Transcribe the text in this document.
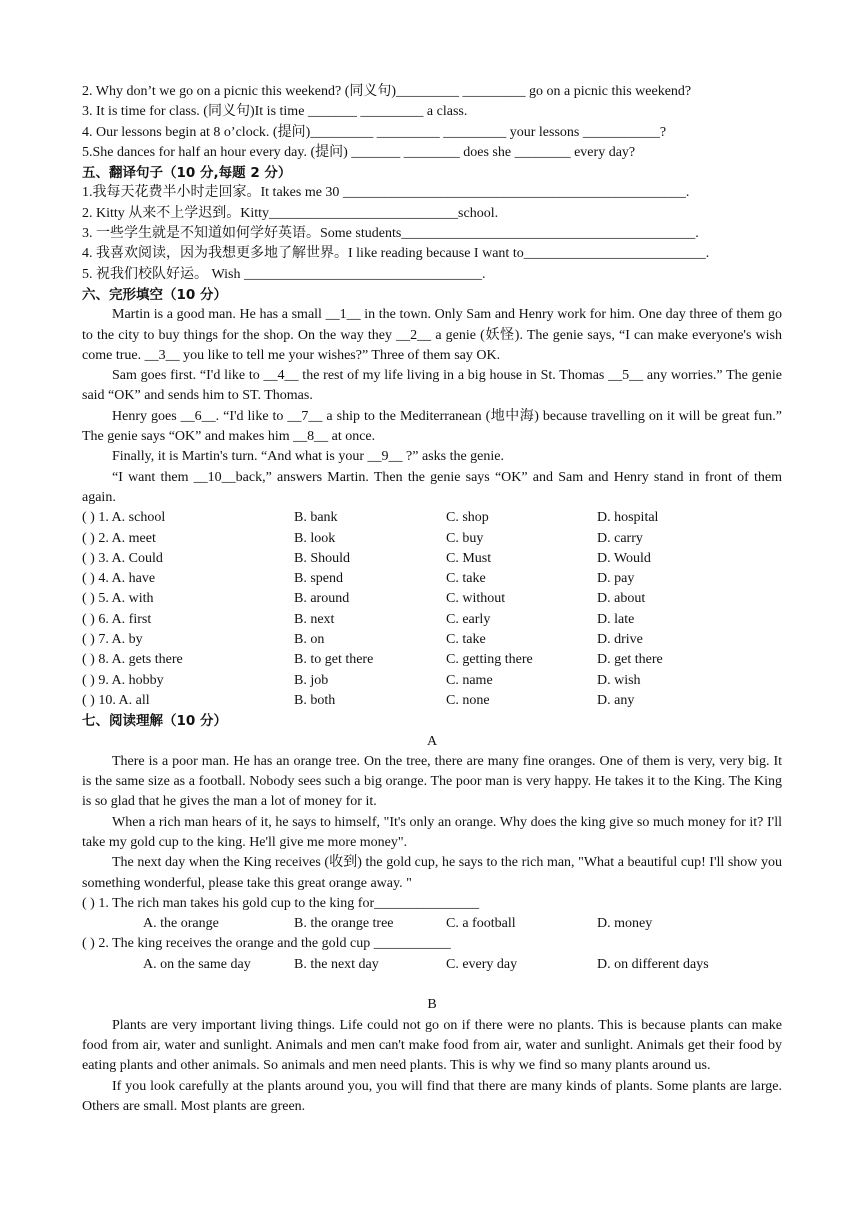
2. Why don’t we go on a picnic this weekend? (同义句)_________ _________ go on a picnic this weekend?
3. It is time for class. (同义句)It is time _______ _________ a class.
4. Our lessons begin at 8 o’clock. (提问)_________ _________ _________ your lessons ___________?
5.She dances for half an hour every day. (提问) _______ ________ does she ________ every day?
五、翻译句子（10 分,每题 2 分）
1.我每天花费半小时走回家。It takes me 30 _________________________________________________.
2. Kitty 从来不上学迟到。Kitty___________________________school.
3. 一些学生就是不知道如何学好英语。Some students__________________________________________.
4. 我喜欢阅读，因为我想更多地了解世界。I like reading because I want to__________________________.
5. 祝我们校队好运。 Wish __________________________________.
六、完形填空（10 分）
Martin is a good man. He has a small __1__ in the town. Only Sam and Henry work for him. One day three of them go to the city to buy things for the shop. On the way they __2__ a genie (妖怪). The genie says, “I can make everyone's wish come true. __3__ you like to tell me your wishes?” Three of them say OK.
Sam goes first. “I'd like to __4__ the rest of my life living in a big house in St. Thomas __5__ any worries.” The genie said “OK” and sends him to ST. Thomas.
Henry goes __6__. “I'd like to __7__ a ship to the Mediterranean (地中海) because travelling on it will be great fun.” The genie says “OK” and makes him __8__ at once.
Finally, it is Martin's turn. “And what is your __9__ ?” asks the genie.
“I want them __10__back,” answers Martin. Then the genie says “OK” and Sam and Henry stand in front of them again.
( ) 1. A. school	B. bank	C. shop	D. hospital
( ) 2. A. meet	B. look	C. buy	D. carry
( ) 3. A. Could	B. Should	C. Must	D. Would
( ) 4. A. have	B. spend	C. take	D. pay
( ) 5. A. with	B. around	C. without	D. about
( ) 6. A. first	B. next	C. early	D. late
( ) 7. A. by	B. on	C. take	D. drive
( ) 8. A. gets there	B. to get there	C. getting there	D. get there
( ) 9. A. hobby	B. job	C. name	D. wish
( ) 10. A. all	B. both	C. none	D. any
七、阅读理解（10 分）
A
There is a poor man. He has an orange tree. On the tree, there are many fine oranges. One of them is very, very big. It is the same size as a football. Nobody sees such a big orange. The poor man is very happy. He takes it to the King. The King is so glad that he gives the man a lot of money for it.
When a rich man hears of it, he says to himself, "It's only an orange. Why does the king give so much money for it? I'll take my gold cup to the king. He'll give me more money".
The next day when the King receives (收到) the gold cup, he says to the rich man, "What a beautiful cup! I'll show you something wonderful, please take this great orange away. "
( ) 1. The rich man takes his gold cup to the king for_______________
A. the orange	B. the orange tree	C. a football	D. money
( ) 2. The king receives the orange and the gold cup ___________
A. on the same day	B. the next day	C. every day	D. on different days
B
Plants are very important living things. Life could not go on if there were no plants. This is because plants can make food from air, water and sunlight. Animals and men can't make food from air, water and sunlight. Animals get their food by eating plants and other animals. So animals and men need plants. This is why we find so many plants around us.
If you look carefully at the plants around you, you will find that there are many kinds of plants. Some plants are large. Others are small. Most plants are green.
